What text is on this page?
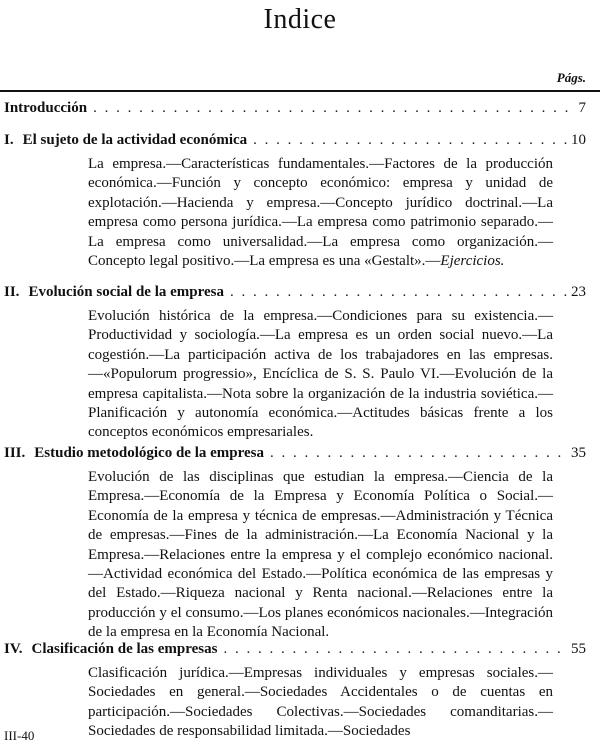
Indice
Págs.
Introducción . . .	7
I. El sujeto de la actividad económica . . .	10
La empresa.—Características fundamentales.—Factores de la producción económica.—Función y concepto económico: empresa y unidad de explotación.—Hacienda y empresa.—Concepto jurídico doctrinal.—La empresa como persona jurídica.—La empresa como patrimonio separado.—La empresa como universalidad.—La empresa como organización.—Concepto legal positivo.—La empresa es una «Gestalt».—Ejercicios.
II. Evolución social de la empresa . . .	23
Evolución histórica de la empresa.—Condiciones para su existencia.—Productividad y sociología.—La empresa es un orden social nuevo.—La cogestión.—La participación activa de los trabajadores en las empresas.—«Populorum progressio», Encíclica de S. S. Paulo VI.—Evolución de la empresa capitalista.—Nota sobre la organización de la industria soviética.—Planificación y autonomía económica.—Actitudes básicas frente a los conceptos económicos empresariales.
III. Estudio metodológico de la empresa . . .	35
Evolución de las disciplinas que estudian la empresa.—Ciencia de la Empresa.—Economía de la Empresa y Economía Política o Social.—Economía de la empresa y técnica de empresas.—Administración y Técnica de empresas.—Fines de la administración.—La Economía Nacional y la Empresa.—Relaciones entre la empresa y el complejo económico nacional.—Actividad económica del Estado.—Política económica de las empresas y del Estado.—Riqueza nacional y Renta nacional.—Relaciones entre la producción y el consumo.—Los planes económicos nacionales.—Integración de la empresa en la Economía Nacional.
IV. Clasificación de las empresas . . .	55
Clasificación jurídica.—Empresas individuales y empresas sociales.—Sociedades en general.—Sociedades Accidentales o de cuentas en participación.—Sociedades Colectivas.—Sociedades comanditarias.—Sociedades de responsabilidad limitada.—Sociedades
III-40
